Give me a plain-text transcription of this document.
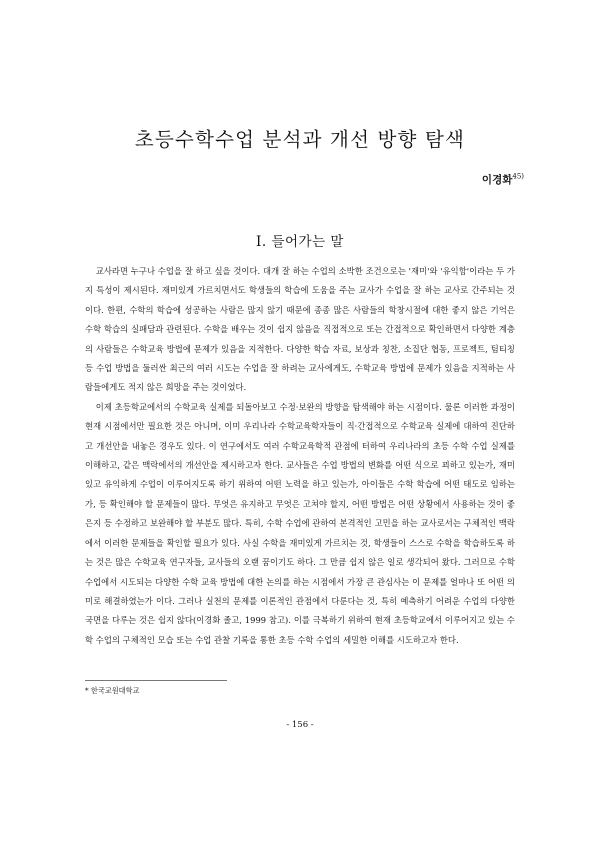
초등수학수업 분석과 개선 방향 탐색
이경화$^{45)}$
Ⅰ. 들어가는 말

교사라면 누구나 수업을 잘 하고 싶을 것이다. 대개 잘 하는 수업의 소박한 조건으로는 '재미'와 '유익함'이라는 두 가지 특성이 제시된다. 재미있게 가르치면서도 학생들의 학습에 도움을 주는 교사가 수업을 잘 하는 교사로 간주되는 것이다. 한편, 수학의 학습에 성공하는 사람은 많지 않기 때문에 종종 많은 사람들의 학창시절에 대한 좋지 않은 기억은 수학 학습의 실패담과 관련된다. 수학을 배우는 것이 쉽지 않음을 직접적으로 또는 간접적으로 확인하면서 다양한 계층의 사람들은 수학교육 방법에 문제가 있음을 지적한다. 다양한 학습 자료, 보상과 칭찬, 소집단 협동, 프로젝트, 팀티칭 등 수업 방법을 둘러싼 최근의 여러 시도는 수업을 잘 하려는 교사에게도, 수학교육 방법에 문제가 있음을 지적하는 사람들에게도 적지 않은 희망을 주는 것이었다.

이제 초등학교에서의 수학교육 실제를 되돌아보고 수정·보완의 방향을 탐색해야 하는 시점이다. 물론 이러한 과정이 현재 시점에서만 필요한 것은 아니며, 이미 우리나라 수학교육학자들이 직·간접적으로 수학교육 실제에 대하여 진단하고 개선안을 내놓은 경우도 있다. 이 연구에서도 여러 수학교육학적 관점에 터하여 우리나라의 초등 수학 수업 실제를 이해하고, 같은 맥락에서의 개선안을 제시하고자 한다. 교사들은 수업 방법의 변화를 어떤 식으로 꾀하고 있는가, 재미있고 유익하게 수업이 이루어지도록 하기 위하여 어떤 노력을 하고 있는가, 아이들은 수학 학습에 어떤 태도로 임하는가, 등 확인해야 할 문제들이 많다. 무엇은 유지하고 무엇은 고쳐야 할지, 어떤 방법은 어떤 상황에서 사용하는 것이 좋은지 등 수정하고 보완해야 할 부분도 많다. 특히, 수학 수업에 관하여 본격적인 고민을 하는 교사로서는 구체적인 맥락에서 이러한 문제들을 확인할 필요가 있다. 사실 수학을 재미있게 가르치는 것, 학생들이 스스로 수학을 학습하도록 하는 것은 많은 수학교육 연구자들, 교사들의 오랜 꿈이기도 하다. 그 만큼 쉽지 않은 일로 생각되어 왔다. 그러므로 수학 수업에서 시도되는 다양한 수학 교육 방법에 대한 논의를 하는 시점에서 가장 큰 관심사는 이 문제를 얼마나 또 어떤 의미로 해결하였는가 이다. 그러나 실천의 문제를 이론적인 관점에서 다룬다는 것, 특히 예측하기 어려운 수업의 다양한 국면을 다루는 것은 쉽지 않다(이경화 졸고, 1999 참고). 이를 극복하기 위하여 현재 초등학교에서 이루어지고 있는 수학 수업의 구체적인 모습 또는 수업 관찰 기록을 통한 초등 수학 수업의 세밀한 이해를 시도하고자 한다.

* 한국교원대학교
- 156 -
